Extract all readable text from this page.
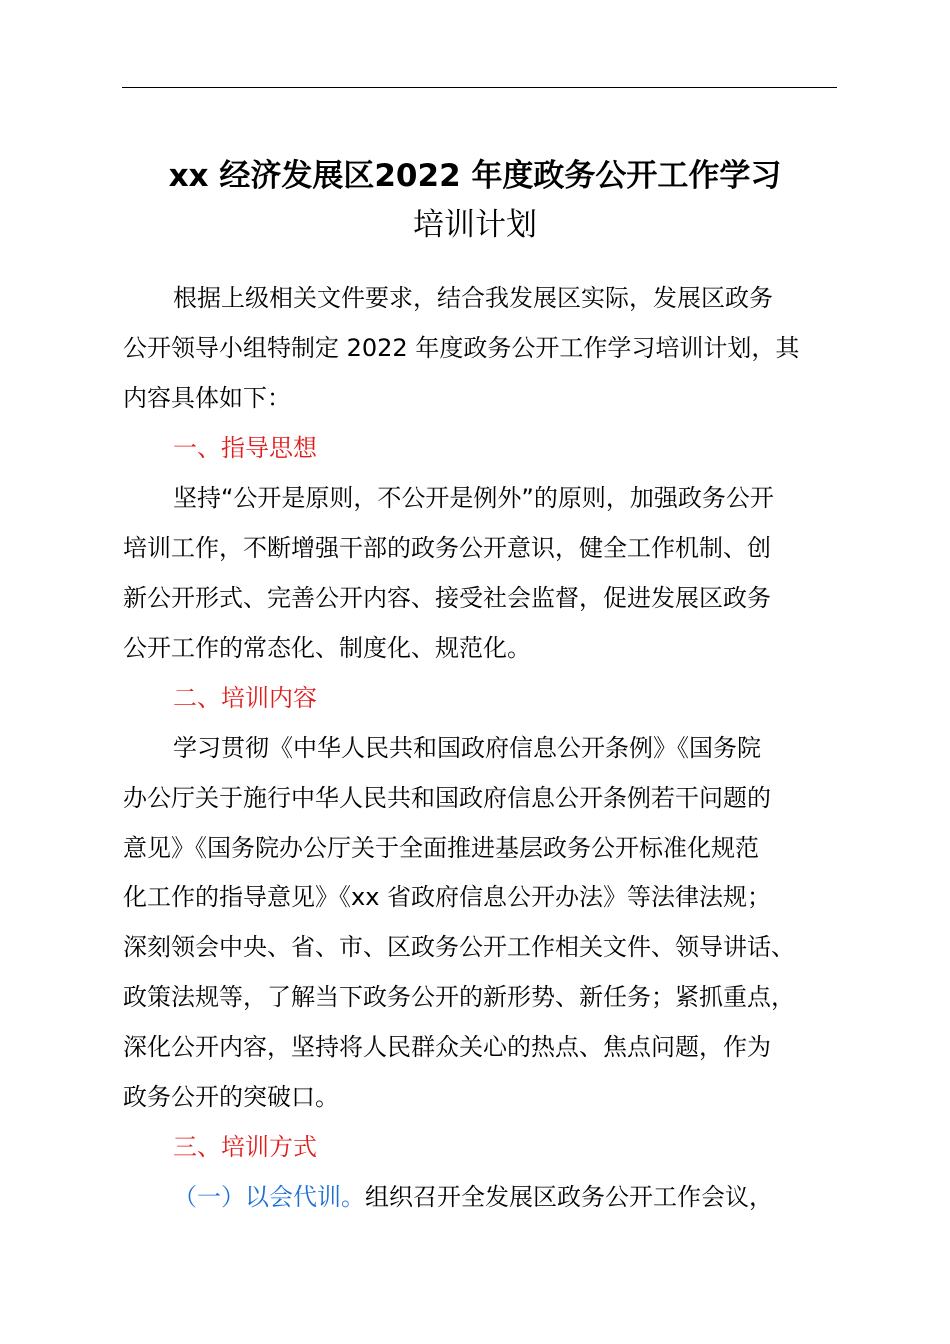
xx 经济发展区2022 年度政务公开工作学习
培训计划
根据上级相关文件要求，结合我发展区实际，发展区政务
公开领导小组特制定 2022 年度政务公开工作学习培训计划，其
内容具体如下：
一、指导思想
坚持“公开是原则，不公开是例外”的原则，加强政务公开
培训工作，不断增强干部的政务公开意识，健全工作机制、创
新公开形式、完善公开内容、接受社会监督，促进发展区政务
公开工作的常态化、制度化、规范化。
二、培训内容
学习贯彻《中华人民共和国政府信息公开条例》《国务院
办公厅关于施行中华人民共和国政府信息公开条例若干问题的
意见》《国务院办公厅关于全面推进基层政务公开标准化规范
化工作的指导意见》《xx 省政府信息公开办法》等法律法规；
深刻领会中央、省、市、区政务公开工作相关文件、领导讲话、
政策法规等，了解当下政务公开的新形势、新任务；紧抓重点，
深化公开内容，坚持将人民群众关心的热点、焦点问题，作为
政务公开的突破口。
三、培训方式
（一）以会代训。组织召开全发展区政务公开工作会议，
